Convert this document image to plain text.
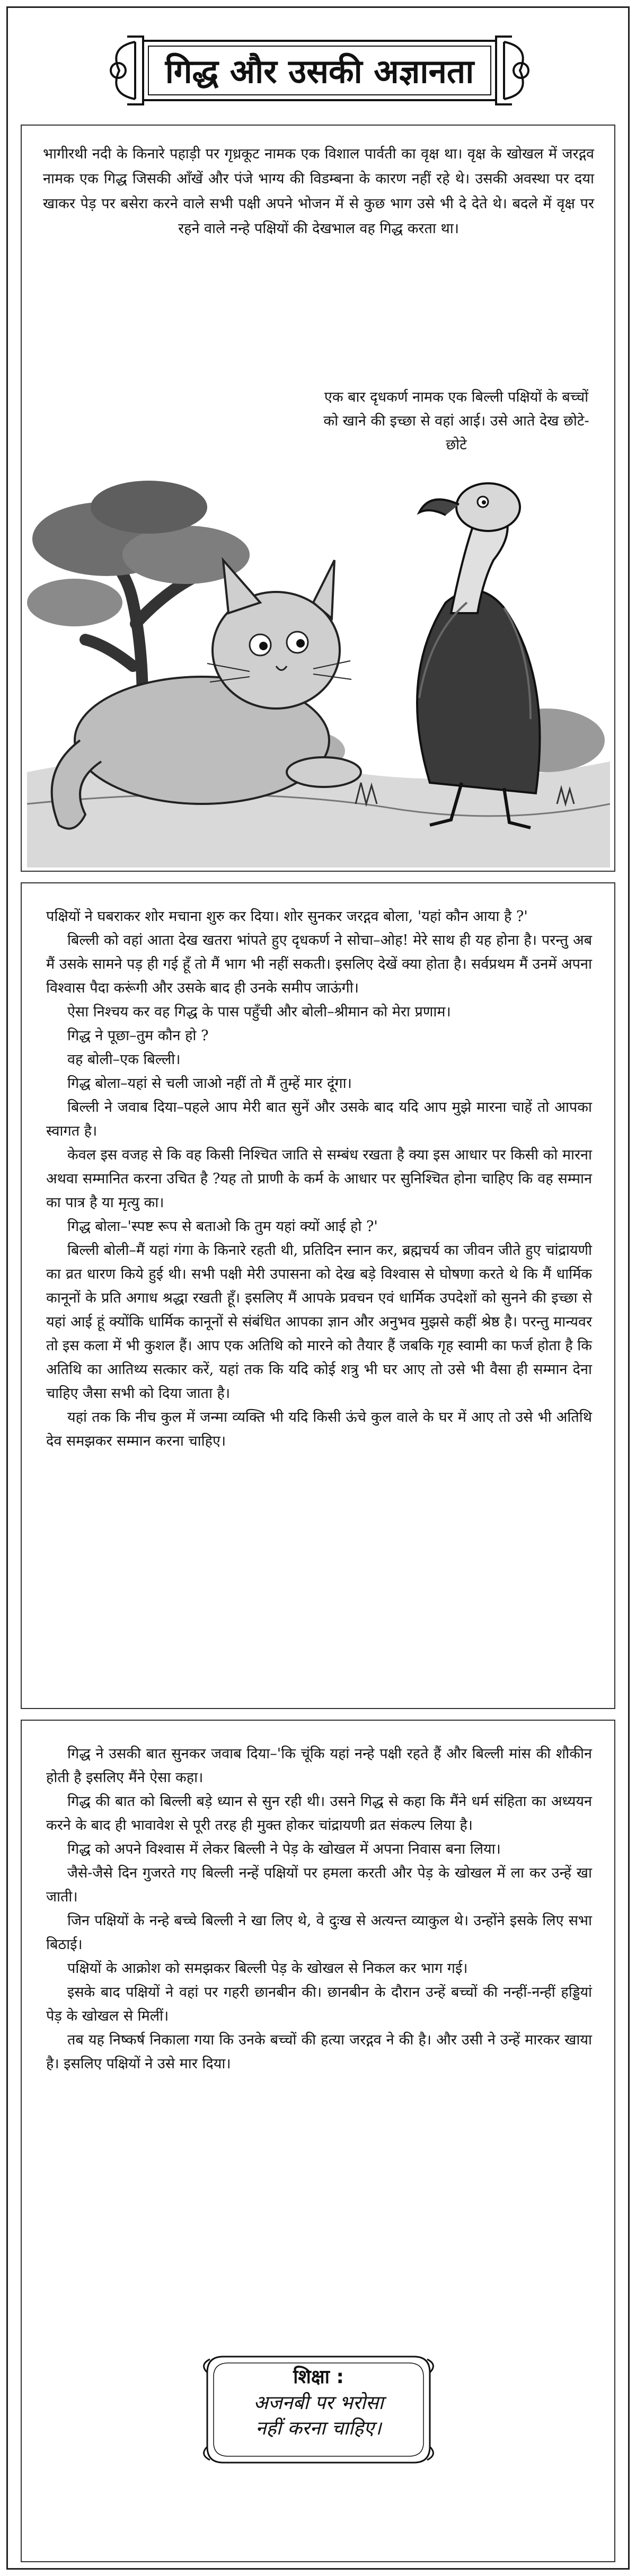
गिद्ध और उसकी अज्ञानता
भागीरथी नदी के किनारे पहाड़ी पर गृध्रकूट नामक एक विशाल पार्वती का वृक्ष था। वृक्ष के खोखल में जरद्गव नामक एक गिद्ध जिसकी आँखें और पंजे भाग्य की विडम्बना के कारण नहीं रहे थे। उसकी अवस्था पर दया खाकर पेड़ पर बसेरा करने वाले सभी पक्षी अपने भोजन में से कुछ भाग उसे भी दे देते थे। बदले में वृक्ष पर रहने वाले नन्हे पक्षियों की देखभाल वह गिद्ध करता था।
एक बार दृधकर्ण नामक एक बिल्ली पक्षियों के बच्चों को खाने की इच्छा से वहां आई। उसे आते देख छोटे-छोटे

पक्षियों ने घबराकर शोर मचाना शुरु कर दिया। शोर सुनकर जरद्गव बोला, 'यहां कौन आया है ?'

बिल्ली को वहां आता देख खतरा भांपते हुए दृधकर्ण ने सोचा–ओह! मेरे साथ ही यह होना है। परन्तु अब मैं उसके सामने पड़ ही गई हूँ तो मैं भाग भी नहीं सकती। इसलिए देखें क्या होता है। सर्वप्रथम मैं उनमें अपना विश्वास पैदा करूंगी और उसके बाद ही उनके समीप जाऊंगी।

ऐसा निश्चय कर वह गिद्ध के पास पहुँची और बोली–श्रीमान को मेरा प्रणाम।

गिद्ध ने पूछा–तुम कौन हो ?

वह बोली–एक बिल्ली।

गिद्ध बोला–यहां से चली जाओ नहीं तो मैं तुम्हें मार दूंगा।

बिल्ली ने जवाब दिया–पहले आप मेरी बात सुनें और उसके बाद यदि आप मुझे मारना चाहें तो आपका स्वागत है।

केवल इस वजह से कि वह किसी निश्चित जाति से सम्बंध रखता है क्या इस आधार पर किसी को मारना अथवा सम्मानित करना उचित है ?यह तो प्राणी के कर्म के आधार पर सुनिश्चित होना चाहिए कि वह सम्मान का पात्र है या मृत्यु का।

गिद्ध बोला–'स्पष्ट रूप से बताओ कि तुम यहां क्यों आई हो ?'

बिल्ली बोली–मैं यहां गंगा के किनारे रहती थी, प्रतिदिन स्नान कर, ब्रह्मचर्य का जीवन जीते हुए चांद्रायणी का व्रत धारण किये हुई थी। सभी पक्षी मेरी उपासना को देख बड़े विश्वास से घोषणा करते थे कि मैं धार्मिक कानूनों के प्रति अगाध श्रद्धा रखती हूँ। इसलिए मैं आपके प्रवचन एवं धार्मिक उपदेशों को सुनने की इच्छा से यहां आई हूं क्योंकि धार्मिक कानूनों से संबंधित आपका ज्ञान और अनुभव मुझसे कहीं श्रेष्ठ है। परन्तु मान्यवर तो इस कला में भी कुशल हैं। आप एक अतिथि को मारने को तैयार हैं जबकि गृह स्वामी का फर्ज होता है कि अतिथि का आतिथ्य सत्कार करें, यहां तक कि यदि कोई शत्रु भी घर आए तो उसे भी वैसा ही सम्मान देना चाहिए जैसा सभी को दिया जाता है।

यहां तक कि नीच कुल में जन्मा व्यक्ति भी यदि किसी ऊंचे कुल वाले के घर में आए तो उसे भी अतिथि देव समझकर सम्मान करना चाहिए।

गिद्ध ने उसकी बात सुनकर जवाब दिया–'कि चूंकि यहां नन्हे पक्षी रहते हैं और बिल्ली मांस की शौकीन होती है इसलिए मैंने ऐसा कहा।

गिद्ध की बात को बिल्ली बड़े ध्यान से सुन रही थी। उसने गिद्ध से कहा कि मैंने धर्म संहिता का अध्ययन करने के बाद ही भावावेश से पूरी तरह ही मुक्त होकर चांद्रायणी व्रत संकल्प लिया है।

गिद्ध को अपने विश्वास में लेकर बिल्ली ने पेड़ के खोखल में अपना निवास बना लिया।

जैसे-जैसे दिन गुजरते गए बिल्ली नन्हें पक्षियों पर हमला करती और पेड़ के खोखल में ला कर उन्हें खा जाती।

जिन पक्षियों के नन्हे बच्चे बिल्ली ने खा लिए थे, वे दुःख से अत्यन्त व्याकुल थे। उन्होंने इसके लिए सभा बिठाई।

पक्षियों के आक्रोश को समझकर बिल्ली पेड़ के खोखल से निकल कर भाग गई।

इसके बाद पक्षियों ने वहां पर गहरी छानबीन की। छानबीन के दौरान उन्हें बच्चों की नन्हीं-नन्हीं हड्डियां पेड़ के खोखल से मिलीं।

तब यह निष्कर्ष निकाला गया कि उनके बच्चों की हत्या जरद्गव ने की है। और उसी ने उन्हें मारकर खाया है। इसलिए पक्षियों ने उसे मार दिया।

शिक्षा :
अजनबी पर भरोसा
नहीं करना चाहिए।
